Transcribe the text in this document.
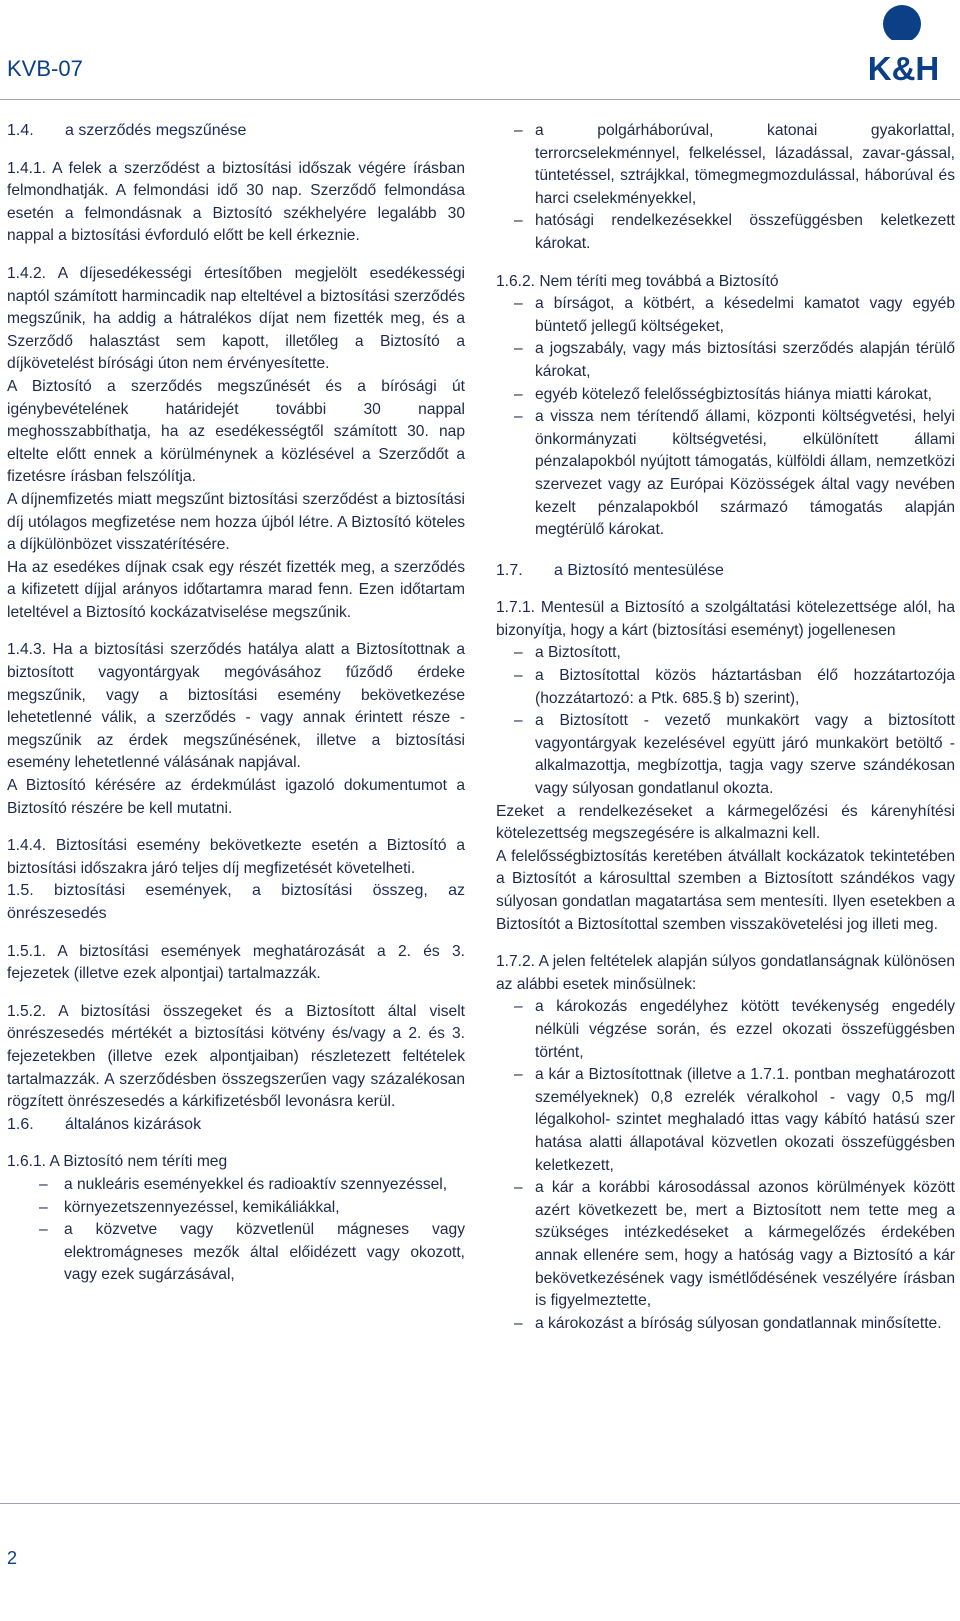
KVB-07	K&H

1.4. a szerződés megszűnése

1.4.1. A felek a szerződést a biztosítási időszak végére írásban felmondhatják. A felmondási idő 30 nap. Szerződő felmondása esetén a felmondásnak a Biztosító székhelyére legalább 30 nappal a biztosítási évforduló előtt be kell érkeznie.

1.4.2. A díjesedékességi értesítőben megjelölt esedékességi naptól számított harmincadik nap elteltével a biztosítási szerződés megszűnik, ha addig a hátralékos díjat nem fizették meg, és a Szerződő halasztást sem kapott, illetőleg a Biztosító a díjkövetelést bírósági úton nem érvényesítette.

A Biztosító a szerződés megszűnését és a bírósági út igénybevételének határidejét további 30 nappal meghosszabbíthatja, ha az esedékességtől számított 30. nap eltelte előtt ennek a körülménynek a közlésével a Szerződőt a fizetésre írásban felszólítja.

A díjnemfizetés miatt megszűnt biztosítási szerződést a biztosítási díj utólagos megfizetése nem hozza újból létre. A Biztosító köteles a díjkülönbözet visszatérítésére.

Ha az esedékes díjnak csak egy részét fizették meg, a szerződés a kifizetett díjjal arányos időtartamra marad fenn. Ezen időtartam leteltével a Biztosító kockázatviselése megszűnik.

1.4.3. Ha a biztosítási szerződés hatálya alatt a Biztosítottnak a biztosított vagyontárgyak megóvásához fűződő érdeke megszűnik, vagy a biztosítási esemény bekövetkezése lehetetlenné válik, a szerződés - vagy annak érintett része - megszűnik az érdek megszűnésének, illetve a biztosítási esemény lehetetlenné válásának napjával.

A Biztosító kérésére az érdekmúlást igazoló dokumentumot a Biztosító részére be kell mutatni.

1.4.4. Biztosítási esemény bekövetkezte esetén a Biztosító a biztosítási időszakra járó teljes díj megfizetését követelheti.

1.5. biztosítási események, a biztosítási összeg, az önrészesedés

1.5.1. A biztosítási események meghatározását a 2. és 3. fejezetek (illetve ezek alpontjai) tartalmazzák.

1.5.2. A biztosítási összegeket és a Biztosított által viselt önrészesedés mértékét a biztosítási kötvény és/vagy a 2. és 3. fejezetekben (illetve ezek alpontjaiban) részletezett feltételek tartalmazzák. A szerződésben összegszerűen vagy százalékosan rögzített önrészesedés a kárkifizetésből levonásra kerül.

1.6. általános kizárások

1.6.1. A Biztosító nem téríti meg

– a nukleáris eseményekkel és radioaktív szennyezéssel,
– környezetszennyezéssel, kemikáliákkal,
– a közvetve vagy közvetlenül mágneses vagy elektromágneses mezők által előidézett vagy okozott, vagy ezek sugárzásával,
– a polgárháborúval, katonai gyakorlattal, terrorcselekménnyel, felkeléssel, lázadással, zavar-gással, tüntetéssel, sztrájkkal, tömegmegmozdulással, háborúval és harci cselekményekkel,
– hatósági rendelkezésekkel összefüggésben keletkezett károkat.

1.6.2. Nem téríti meg továbbá a Biztosító

– a bírságot, a kötbért, a késedelmi kamatot vagy egyéb büntető jellegű költségeket,
– a jogszabály, vagy más biztosítási szerződés alapján térülő károkat,
– egyéb kötelező felelősségbiztosítás hiánya miatti károkat,
– a vissza nem térítendő állami, központi költségvetési, helyi önkormányzati költségvetési, elkülönített állami pénzalapokból nyújtott támogatás, külföldi állam, nemzetközi szervezet vagy az Európai Közösségek által vagy nevében kezelt pénzalapokból származó támogatás alapján megtérülő károkat.

1.7. a Biztosító mentesülése

1.7.1. Mentesül a Biztosító a szolgáltatási kötelezettsége alól, ha bizonyítja, hogy a kárt (biztosítási eseményt) jogellenesen

– a Biztosított,
– a Biztosítottal közös háztartásban élő hozzátartozója (hozzátartozó: a Ptk. 685.§ b) szerint),
– a Biztosított - vezető munkakört vagy a biztosított vagyontárgyak kezelésével együtt járó munkakört betöltő - alkalmazottja, megbízottja, tagja vagy szerve szándékosan vagy súlyosan gondatlanul okozta.

Ezeket a rendelkezéseket a kármegelőzési és kárenyhítési kötelezettség megszegésére is alkalmazni kell.

A felelősségbiztosítás keretében átvállalt kockázatok tekintetében a Biztosítót a károsulttal szemben a Biztosított szándékos vagy súlyosan gondatlan magatartása sem mentesíti. Ilyen esetekben a Biztosítót a Biztosítottal szemben visszakövetelési jog illeti meg.

1.7.2. A jelen feltételek alapján súlyos gondatlanságnak különösen az alábbi esetek minősülnek:

– a károkozás engedélyhez kötött tevékenység engedély nélküli végzése során, és ezzel okozati összefüggésben történt,
– a kár a Biztosítottnak (illetve a 1.7.1. pontban meghatározott személyeknek) 0,8 ezrelék véralkohol - vagy 0,5 mg/l légalkohol- szintet meghaladó ittas vagy kábító hatású szer hatása alatti állapotával közvetlen okozati összefüggésben keletkezett,
– a kár a korábbi károsodással azonos körülmények között azért következett be, mert a Biztosított nem tette meg a szükséges intézkedéseket a kármegelőzés érdekében annak ellenére sem, hogy a hatóság vagy a Biztosító a kár bekövetkezésének vagy ismétlődésének veszélyére írásban is figyelmeztette,
– a károkozást a bíróság súlyosan gondatlannak minősítette.
2
